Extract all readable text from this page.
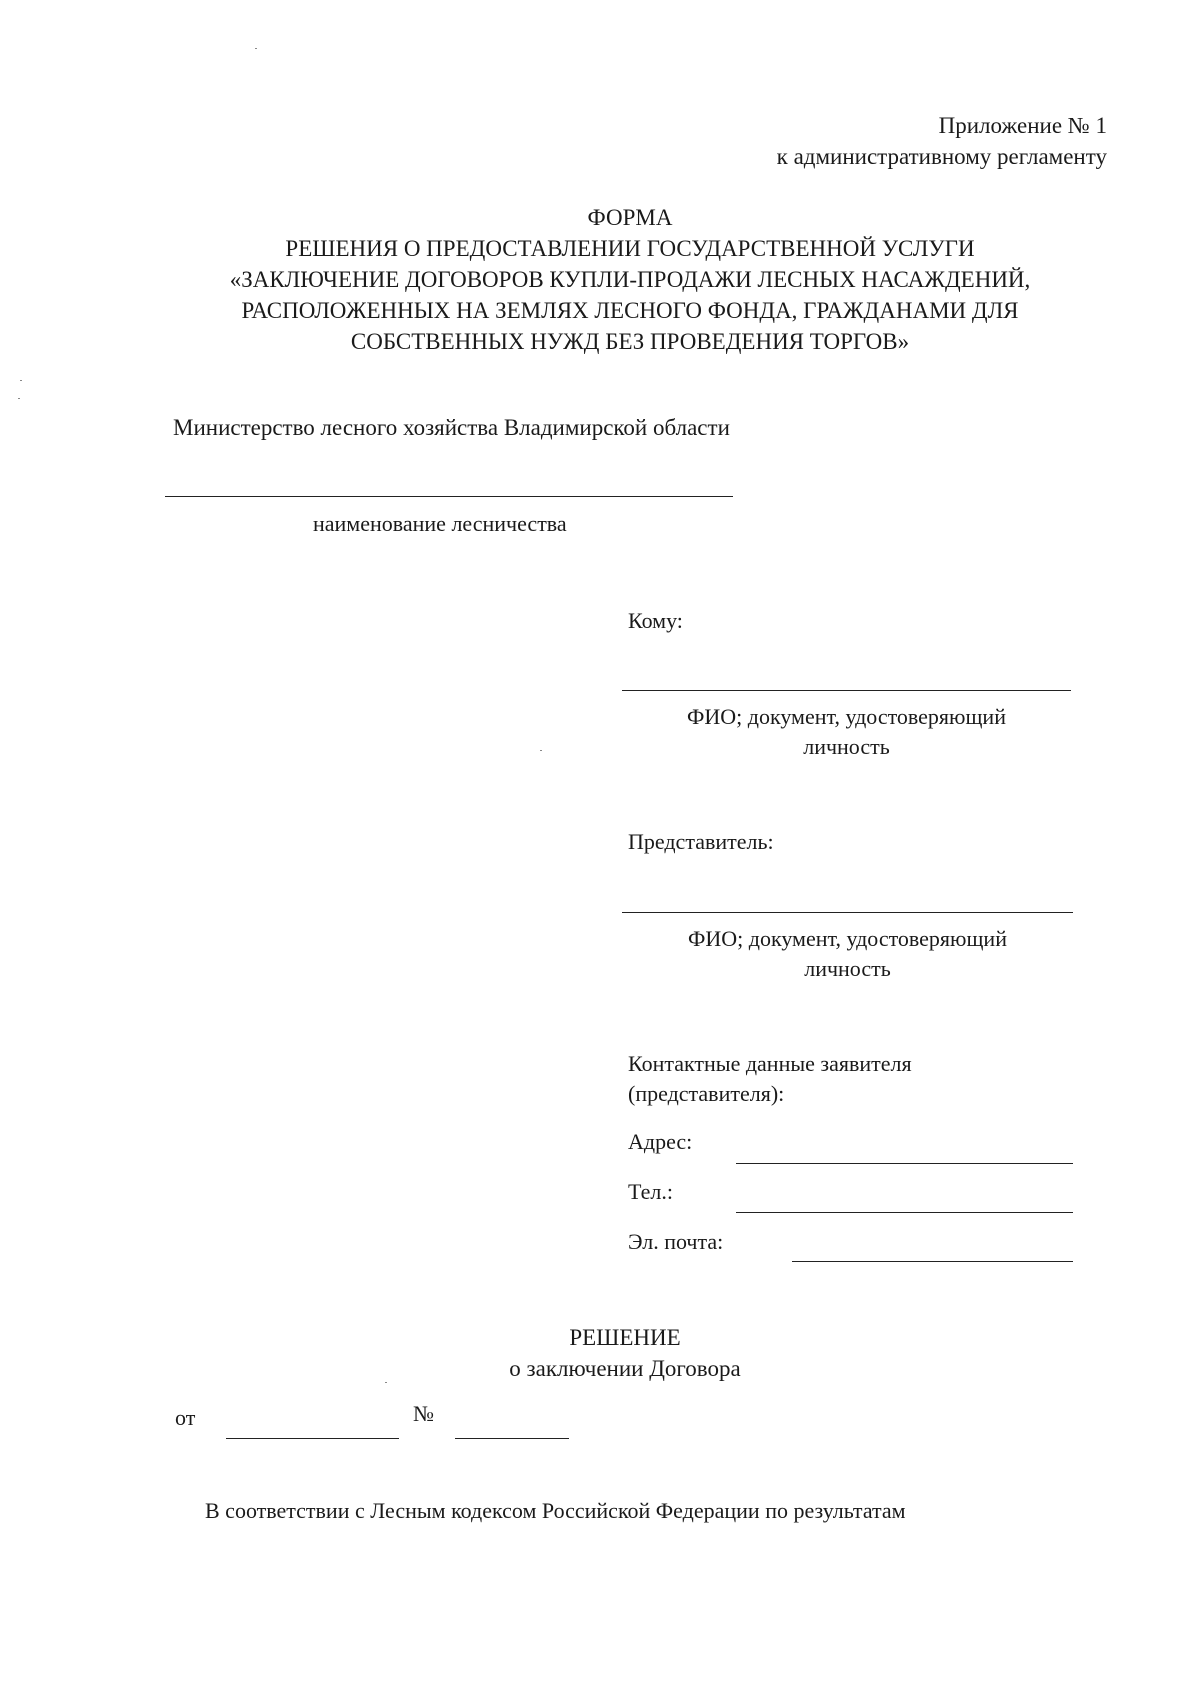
Приложение № 1
к административному регламенту
ФОРМА
РЕШЕНИЯ О ПРЕДОСТАВЛЕНИИ ГОСУДАРСТВЕННОЙ УСЛУГИ
«ЗАКЛЮЧЕНИЕ ДОГОВОРОВ КУПЛИ-ПРОДАЖИ ЛЕСНЫХ НАСАЖДЕНИЙ,
РАСПОЛОЖЕННЫХ НА ЗЕМЛЯХ ЛЕСНОГО ФОНДА, ГРАЖДАНАМИ ДЛЯ
СОБСТВЕННЫХ НУЖД БЕЗ ПРОВЕДЕНИЯ ТОРГОВ»
Министерство лесного хозяйства Владимирской области
наименование лесничества
Кому:
ФИО; документ, удостоверяющий
личность
Представитель:
ФИО; документ, удостоверяющий
личность
Контактные данные заявителя
(представителя):
Адрес:
Тел.:
Эл. почта:
РЕШЕНИЕ
о заключении Договора
от	№
В соответствии с Лесным кодексом Российской Федерации по результатам
